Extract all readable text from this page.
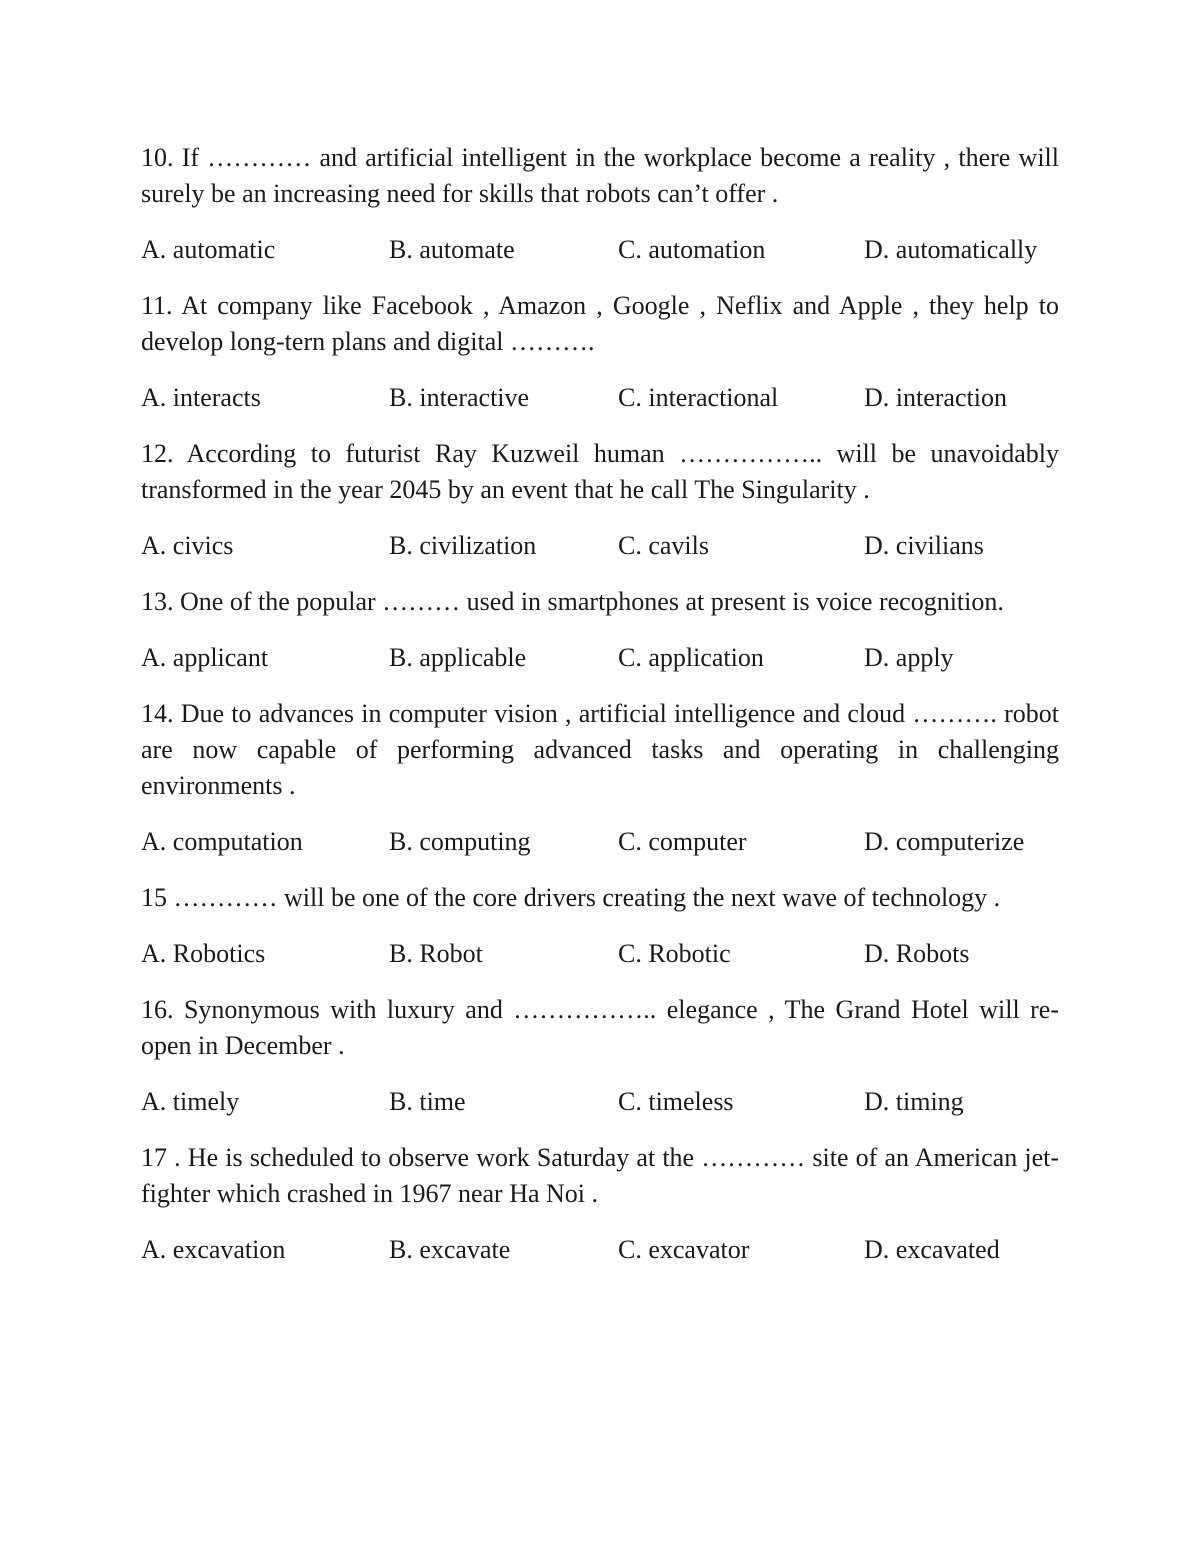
10. If ………… and artificial intelligent in the workplace become a reality , there will surely be an increasing need for skills that robots can’t offer .

A. automatic	B. automate	C. automation	D. automatically

11. At company like Facebook , Amazon , Google , Neflix and Apple , they help to develop long-tern plans and digital ……….

A. interacts	B. interactive	C. interactional	D. interaction

12. According to futurist Ray Kuzweil human …………….. will be unavoidably transformed in the year 2045 by an event that he call The Singularity .

A. civics	B. civilization	C. cavils	D. civilians

13. One of the popular ……… used in smartphones at present is voice recognition.

A. applicant	B. applicable	C. application	D. apply

14. Due to advances in computer vision , artificial intelligence and cloud ………. robot are now capable of performing advanced tasks and operating in challenging environments .

A. computation	B. computing	C. computer	D. computerize

15 ………… will be one of the core drivers creating the next wave of technology .

A. Robotics	B. Robot	C. Robotic	D. Robots

16. Synonymous with luxury and …………….. elegance , The Grand Hotel will re-open in December .

A. timely	B. time	C. timeless	D. timing

17 . He is scheduled to observe work Saturday at the ………… site of an American jet-fighter which crashed in 1967 near Ha Noi .

A. excavation	B. excavate	C. excavator	D. excavated
